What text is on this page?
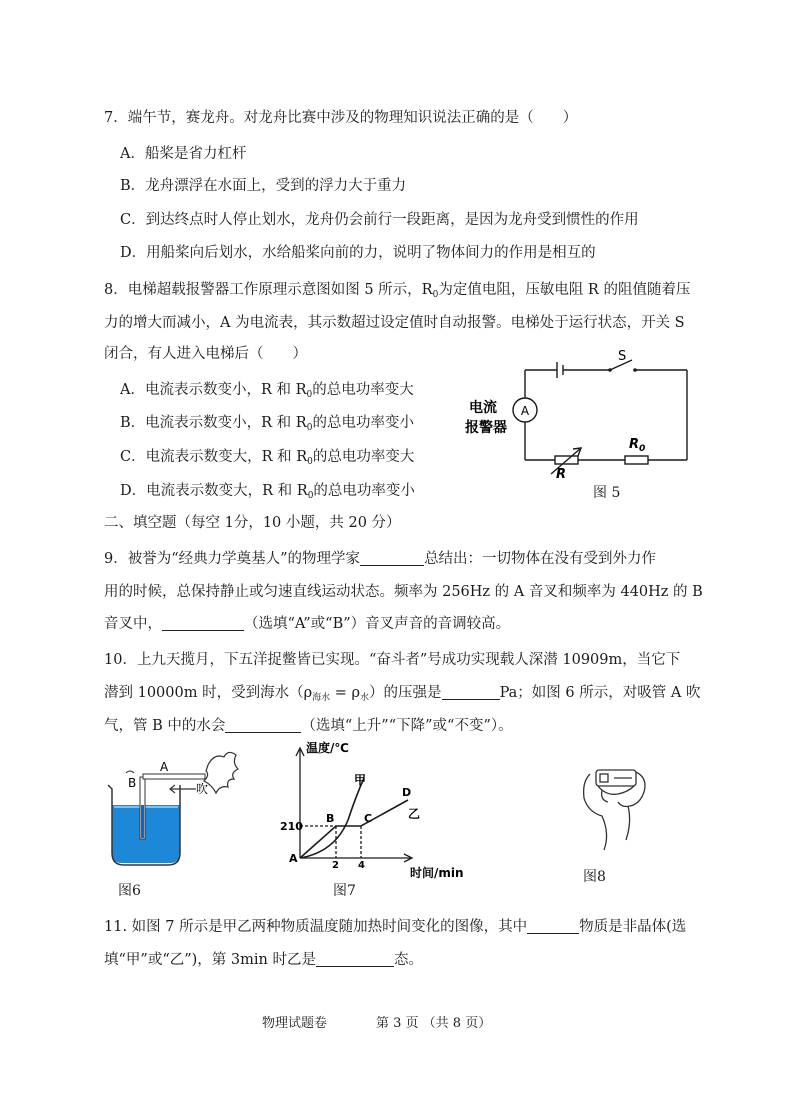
7．端午节，赛龙舟。对龙舟比赛中涉及的物理知识说法正确的是（　　）
A．船桨是省力杠杆
B．龙舟漂浮在水面上，受到的浮力大于重力
C．到达终点时人停止划水，龙舟仍会前行一段距离，是因为龙舟受到惯性的作用
D．用船桨向后划水，水给船桨向前的力，说明了物体间力的作用是相互的
8．电梯超载报警器工作原理示意图如图 5 所示，$R_0$为定值电阻，压敏电阻 R 的阻值随着压
力的增大而减小，A 为电流表，其示数超过设定值时自动报警。电梯处于运行状态，开关 S
闭合，有人进入电梯后（　　）
A．电流表示数变小，R 和 $R_0$的总电功率变大
B．电流表示数变小，R 和 $R_0$的总电功率变小
C．电流表示数变大，R 和 $R_0$的总电功率变大
D．电流表示数变大，R 和 $R_0$的总电功率变小
A
S
电流
报警器
R
$R_0$
图 5
二、填空题（每空 1分，10 小题，共 20 分）
9．被誉为“经典力学奠基人”的物理学家	总结出：一切物体在没有受到外力作
用的时候，总保持静止或匀速直线运动状态。频率为 256Hz 的 A 音叉和频率为 440Hz 的 B
音叉中，	（选填“A”或“B”）音叉声音的音调较高。
10．上九天揽月，下五洋捉鳖皆已实现。“奋斗者”号成功实现载人深潜 10909m，当它下
潜到 10000m 时，受到海水$(\rho_{海水} = \rho_水)$的压强是	Pa；如图 6 所示，对吸管 A 吹
气，管 B 中的水会	（选填“上升”“下降”或“不变”）。
A
B	吹
图6
温度/℃
时间/min
210
2 4
A
B	C
D
甲
乙
图7
图8
11. 如图 7 所示是甲乙两种物质温度随加热时间变化的图像，其中	物质是非晶体(选
填“甲”或“乙”)，第 3min 时乙是	态。
物理试题卷	第 3 页 （共 8 页）
